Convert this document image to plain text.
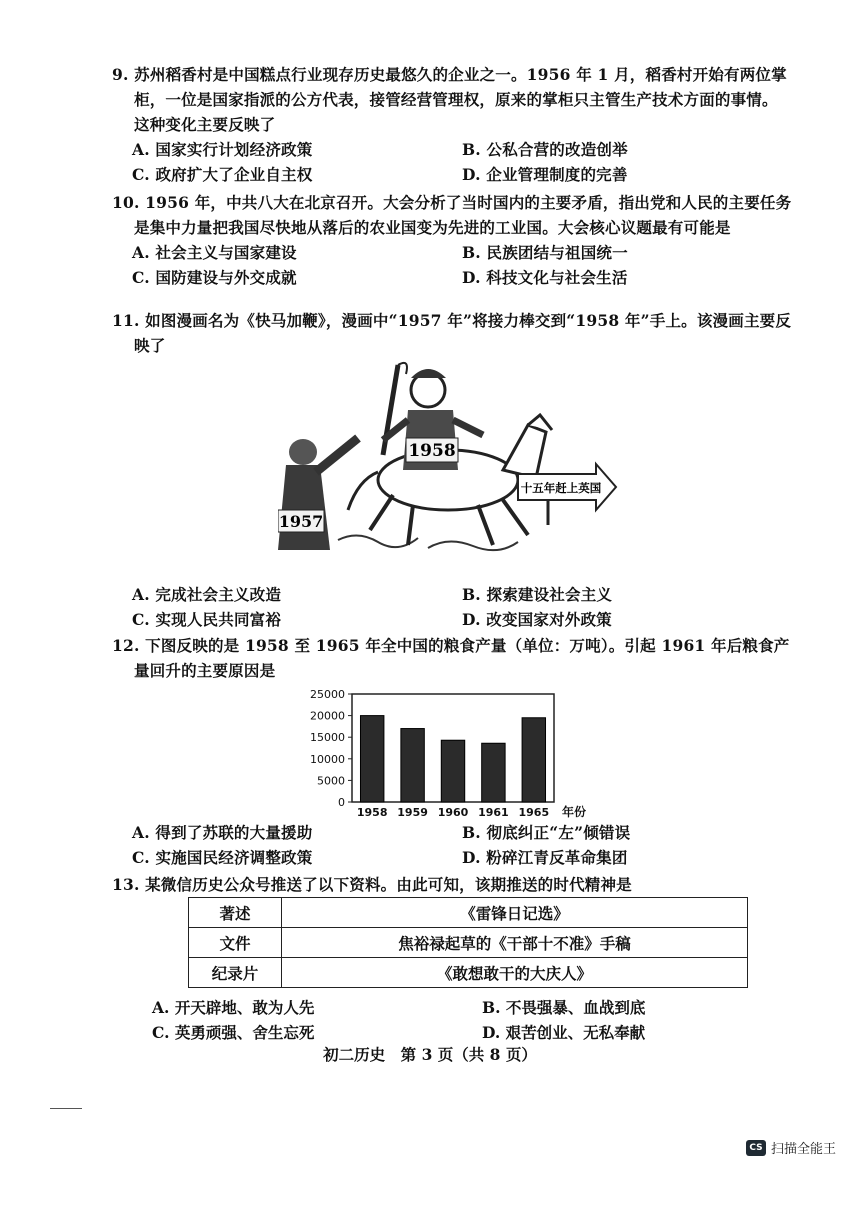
9. 苏州稻香村是中国糕点行业现存历史最悠久的企业之一。1956 年 1 月，稻香村开始有两位掌柜，一位是国家指派的公方代表，接管经营管理权，原来的掌柜只主管生产技术方面的事情。这种变化主要反映了
A. 国家实行计划经济政策	B. 公私合营的改造创举
C. 政府扩大了企业自主权	D. 企业管理制度的完善
10. 1956 年，中共八大在北京召开。大会分析了当时国内的主要矛盾，指出党和人民的主要任务是集中力量把我国尽快地从落后的农业国变为先进的工业国。大会核心议题最有可能是
A. 社会主义与国家建设	B. 民族团结与祖国统一
C. 国防建设与外交成就	D. 科技文化与社会生活
11. 如图漫画名为《快马加鞭》，漫画中“1957 年”将接力棒交到“1958 年”手上。该漫画主要反映了
1957
1958
十五年赶上英国
A. 完成社会主义改造	B. 探索建设社会主义
C. 实现人民共同富裕	D. 改变国家对外政策
12. 下图反映的是 1958 至 1965 年全中国的粮食产量（单位：万吨）。引起 1961 年后粮食产量回升的主要原因是
0
5000
10000
15000
20000
25000
1958 1959 1960 1961 1965 年份
A. 得到了苏联的大量援助	B. 彻底纠正“左”倾错误
C. 实施国民经济调整政策	D. 粉碎江青反革命集团
13. 某微信历史公众号推送了以下资料。由此可知，该期推送的时代精神是
著述	《雷锋日记选》
文件	焦裕禄起草的《干部十不准》手稿
纪录片	《敢想敢干的大庆人》
A. 开天辟地、敢为人先	B. 不畏强暴、血战到底
C. 英勇顽强、舍生忘死	D. 艰苦创业、无私奉献
初二历史　第 3 页（共 8 页）
CS 扫描全能王
